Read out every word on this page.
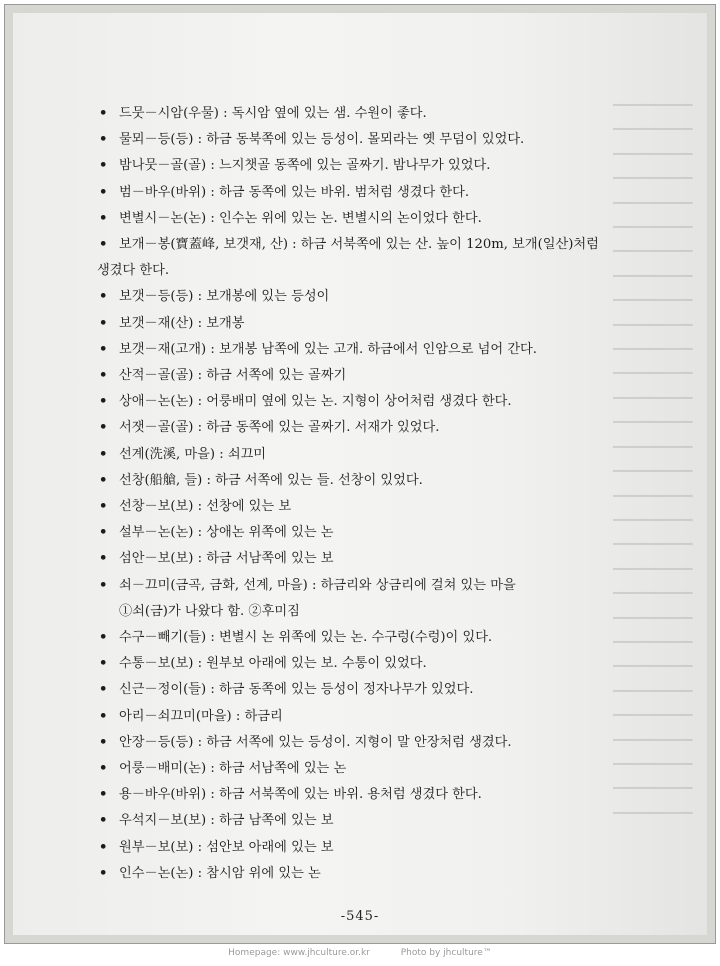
━━━━━━━━━━━
━━━━━━━━━━━
━━━━━━━━━━━
━━━━━━━━━━━
━━━━━━━━━━━
━━━━━━━━━━━
━━━━━━━━━━━
━━━━━━━━━━━
━━━━━━━━━━━
━━━━━━━━━━━
━━━━━━━━━━━
━━━━━━━━━━━
━━━━━━━━━━━
━━━━━━━━━━━
━━━━━━━━━━━
━━━━━━━━━━━
━━━━━━━━━━━
━━━━━━━━━━━
━━━━━━━━━━━
━━━━━━━━━━━
━━━━━━━━━━━
━━━━━━━━━━━
━━━━━━━━━━━
━━━━━━━━━━━
━━━━━━━━━━━
━━━━━━━━━━━
━━━━━━━━━━━
━━━━━━━━━━━
━━━━━━━━━━━
━━━━━━━━━━━
• 드뭇－시암(우물) : 독시암 옆에 있는 샘. 수원이 좋다.
• 물뫼－등(등) : 하금 동북쪽에 있는 등성이. 몰뫼라는 옛 무덤이 있었다.
• 밤나뭇－골(골) : 느지챗골 동쪽에 있는 골짜기. 밤나무가 있었다.
• 범－바우(바위) : 하금 동쪽에 있는 바위. 범처럼 생겼다 한다.
• 변별시－논(논) : 인수논 위에 있는 논. 변별시의 논이었다 한다.
• 보개－봉(寶蓋峰, 보갯재, 산) : 하금 서북쪽에 있는 산. 높이 120m, 보개(일산)처럼
생겼다 한다.
• 보갯－등(등) : 보개봉에 있는 등성이
• 보갯－재(산) : 보개봉
• 보갯－재(고개) : 보개봉 남쪽에 있는 고개. 하금에서 인암으로 넘어 간다.
• 산적－골(골) : 하금 서쪽에 있는 골짜기
• 상애－논(논) : 어룽배미 옆에 있는 논. 지형이 상어처럼 생겼다 한다.
• 서잿－골(골) : 하금 동쪽에 있는 골짜기. 서재가 있었다.
• 선계(洗溪, 마을) : 쇠끄미
• 선창(船艙, 들) : 하금 서쪽에 있는 들. 선창이 있었다.
• 선창－보(보) : 선창에 있는 보
• 설부－논(논) : 상애논 위쪽에 있는 논
• 섬안－보(보) : 하금 서남쪽에 있는 보
• 쇠－끄미(금곡, 금화, 선계, 마을) : 하금리와 상금리에 걸쳐 있는 마을
①쇠(금)가 나왔다 함. ②후미짐
• 수구－빼기(들) : 변별시 논 위쪽에 있는 논. 수구렁(수렁)이 있다.
• 수통－보(보) : 원부보 아래에 있는 보. 수통이 있었다.
• 신근－정이(들) : 하금 동쪽에 있는 등성이 정자나무가 있었다.
• 아리－쇠끄미(마을) : 하금리
• 안장－등(등) : 하금 서쪽에 있는 등성이. 지형이 말 안장처럼 생겼다.
• 어룽－배미(논) : 하금 서남쪽에 있는 논
• 용－바우(바위) : 하금 서북쪽에 있는 바위. 용처럼 생겼다 한다.
• 우석지－보(보) : 하금 남쪽에 있는 보
• 원부－보(보) : 섬안보 아래에 있는 보
• 인수－논(논) : 참시암 위에 있는 논
-545-
Homepage: www.jhculture.or.kr	Photo by jhculture™
